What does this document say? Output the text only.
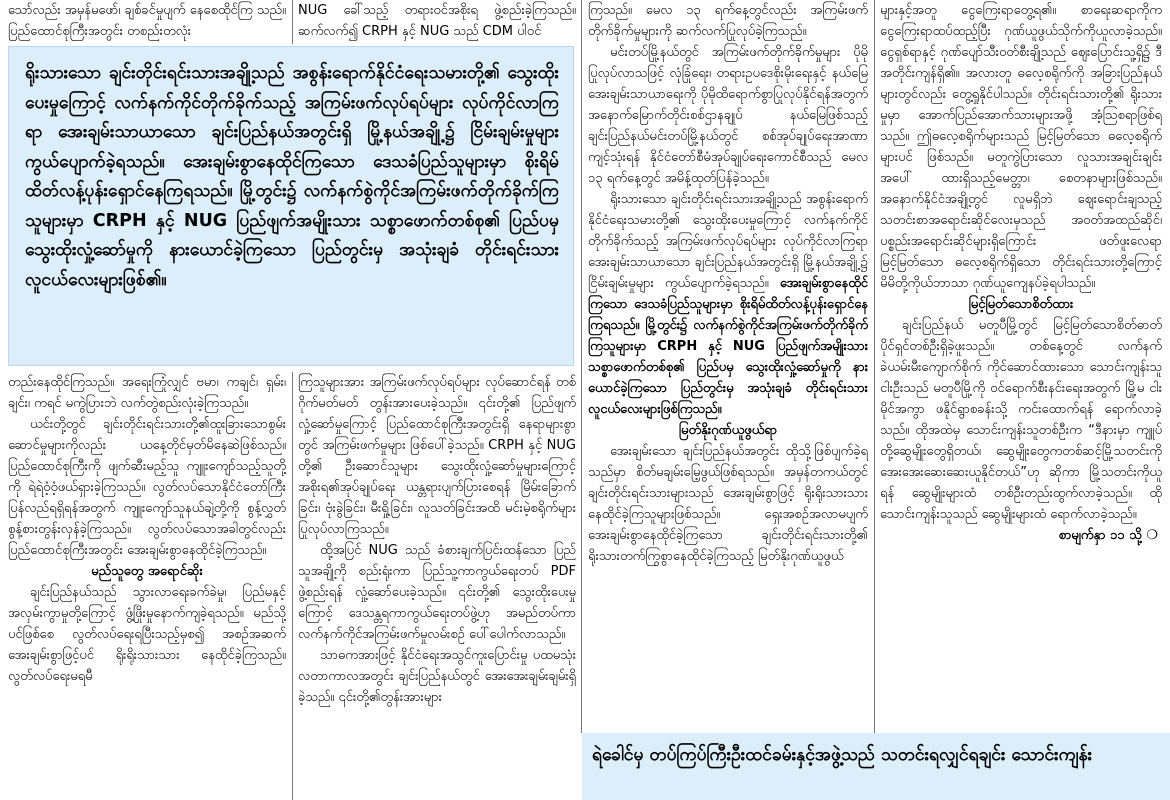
သော်လည်း အမှန်မဖော်၊ ချစ်ခင်မှုပျက် နေစေထိုင်ကြ သည်။ ပြည်ထောင်စုကြီးအတွင်း တစည်းတလုံး

NUG ခေါ်သည့် တရားဝင်အစိုးရ ဖွဲ့စည်းခဲ့ကြသည်။ ဆက်လက်၍ CRPH နှင့် NUG သည် CDM ပါဝင်

ရိုးသားသော ချင်းတိုင်းရင်းသားအချို့သည် အစွန်းရောက်နိုင်ငံရေးသမားတို့၏ သွေးထိုးပေးမှုကြောင့် လက်နက်ကိုင်တိုက်ခိုက်သည့် အကြမ်းဖက်လုပ်ရပ်များ လုပ်ကိုင်လာကြရာ အေးချမ်းသာယာသော ချင်းပြည်နယ်အတွင်းရှိ မြို့နယ်အချို့၌ ငြိမ်းချမ်းမှုများ ကွယ်ပျောက်ခဲ့ရသည်။ အေးချမ်းစွာနေထိုင်ကြသော ဒေသခံပြည်သူများမှာ စိုးရိမ်ထိတ်လန့်ပုန်းရှောင်နေကြရသည်။ မြို့တွင်း၌ လက်နက်စွဲကိုင်အကြမ်းဖက်တိုက်ခိုက်ကြသူများမှာ CRPH နှင့် NUG ပြည်ဖျက်အမျိုးသား သစ္စာဖောက်တစ်စု၏ ပြည်ပမှ သွေးထိုးလှုံ့ဆော်မှုကို နားယောင်ခဲ့ကြသော ပြည်တွင်းမှ အသုံးချခံ တိုင်းရင်းသားလူငယ်လေးများဖြစ်၏။

တည်းနေထိုင်ကြသည်။ အရေးကြုံလျှင် ဗမာ၊ ကချင်၊ ရှမ်း၊ ချင်း၊ ကရင် မကွဲပြားဘဲ လက်တွဲစည်းလုံးခဲ့ကြသည်။

ယင်းတို့တွင် ချင်းတိုင်းရင်းသားတို့၏ထူးခြားသောစွမ်းဆောင်မှုများကိုလည်း ယနေ့တိုင်မှတ်မိနေဆဲဖြစ်သည်။ ပြည်ထောင်စုကြီးကို ဖျက်ဆီးမည့်သူ ကျူးကျော်သည့်သူတို့ကို ရဲရဲဝံ့ဝံ့ဖယ်ရှားခဲ့ကြသည်။ လွတ်လပ်သောနိုင်ငံတော်ကြီး ပြန်လည်ရရှိရန်အတွက် ကျူးကျော်သူနယ်ချဲ့တို့ကို စွန့်လွှတ်စွန့်စားတွန်းလှန်ခဲ့ကြသည်။ လွတ်လပ်သောအခါတွင်လည်း ပြည်ထောင်စုကြီးအတွင်း အေးချမ်းစွာနေထိုင်ခဲ့ကြသည်။

မည်သူတွေ အရောင်ဆိုး

ချင်းပြည်နယ်သည် သွားလာရေးခက်ခဲမှု၊ ပြည်မနှင့်အလှမ်းကွာမှုတို့ကြောင့် ဖွံ့ဖြိုးမှုနောက်ကျခဲ့ရသည်။ မည်သို့ပင်ဖြစ်စေ လွတ်လပ်ရေးရပြီးသည့်မှစ၍ အစဉ်အဆက် အေးချမ်းစွာဖြင့်ပင် ရိုးရိုးသားသား နေထိုင်ခဲ့ကြသည်။ လွတ်လပ်ရေးမရမီ

ကြသူများအား အကြမ်းဖက်လုပ်ရပ်များ လုပ်ဆောင်ရန် တစ်ဂိုက်မတ်မတ် တွန်းအားပေးခဲ့သည်။ ၎င်းတို့၏ ပြည်ဖျက်လှုံ့ဆော်မှုကြောင့် ပြည်ထောင်စုကြီးအတွင်းရှိ နေရာများစွာတွင် အကြမ်းဖက်မှုများ ဖြစ်ပေါ်ခဲ့သည်။ CRPH နှင့် NUG တို့၏ ဦးဆောင်သူများ သွေးထိုးလှုံ့ဆော်မှုများကြောင့် အစိုးရ၏အုပ်ချုပ်ရေး ယန္တရားပျက်ပြားစေရန် မြိမ်းခြောက်ခြင်း၊ ဗုံးခွဲခြင်း၊ မီးရှို့ခြင်း၊ လူသတ်ခြင်းအထိ မင်းမဲ့စရိုက်များ ပြုလုပ်လာကြသည်။

ထို့အပြင် NUG သည် ခံစားချက်ပြင်းထန်သော ပြည်သူအချို့ကို စည်းရုံးကာ ပြည်သူ့ကာကွယ်ရေးတပ် PDF ဖွဲ့စည်းရန် လှုံ့ဆော်ပေးခဲ့သည်။ ၎င်းတို့၏ သွေးထိုးပေးမှုကြောင့် ဒေသန္တရကာကွယ်ရေးတပ်ဖွဲ့ဟု အမည်တပ်ကာ လက်နက်ကိုင်အကြမ်းဖက်မှုလမ်းစဉ် ပေါ်ပေါက်လာသည်။

သာဓကအားဖြင့် နိုင်ငံရေးအသွင်ကူးပြောင်းမှု ပထမသုံးလတာကာလအတွင်း ချင်းပြည်နယ်တွင် အေးအေးချမ်းချမ်းရှိခဲ့သည်။ ၎င်းတို့၏တွန်းအားများ

ကြသည်။ မေလ ၁၃ ရက်နေ့တွင်လည်း အကြမ်းဖက်တိုက်ခိုက်မှုများကို ဆက်လက်ပြုလုပ်ခဲ့ကြသည်။

မင်းတပ်မြို့နယ်တွင် အကြမ်းဖက်တိုက်ခိုက်မှုများ ပိုမိုပြုလုပ်လာသဖြင့် လုံခြုံရေး၊ တရားဥပဒေစိုးမိုးရေးနှင့် နယ်မြေအေးချမ်းသာယာရေးကို ပိုမိုထိရောက်စွာပြုလုပ်နိုင်ရန်အတွက် အနောက်မြောက်တိုင်းစစ်ဌာနချုပ် နယ်မြေဖြစ်သည့် ချင်းပြည်နယ်မင်းတပ်မြို့နယ်တွင် စစ်အုပ်ချုပ်ရေးအာဏာကျင့်သုံးရန် နိုင်ငံတော်စီမံအုပ်ချုပ်ရေးကောင်စီသည် မေလ ၁၃ ရက်နေ့တွင် အမိန့်ထုတ်ပြန်ခဲ့သည်။

ရိုးသားသော ချင်းတိုင်းရင်းသားအချို့သည် အစွန်းရောက်နိုင်ငံရေးသမားတို့၏ သွေးထိုးပေးမှုကြောင့် လက်နက်ကိုင်တိုက်ခိုက်သည့် အကြမ်းဖက်လုပ်ရပ်များ လုပ်ကိုင်လာကြရာ အေးချမ်းသာယာသော ချင်းပြည်နယ်အတွင်းရှိ မြို့နယ်အချို့၌ ငြိမ်းချမ်းမှုများ ကွယ်ပျောက်ခဲ့ရသည်။ အေးချမ်းစွာနေထိုင်ကြသော ဒေသခံပြည်သူများမှာ စိုးရိမ်ထိတ်လန့်ပုန်းရှောင်နေကြရသည်။ မြို့တွင်း၌ လက်နက်စွဲကိုင်အကြမ်းဖက်တိုက်ခိုက်ကြသူများမှာ CRPH နှင့် NUG ပြည်ဖျက်အမျိုးသားသစ္စာဖောက်တစ်စု၏ ပြည်ပမှ သွေးထိုးလှုံ့ဆော်မှုကို နားယောင်ခဲ့ကြသော ပြည်တွင်းမှ အသုံးချခံ တိုင်းရင်းသားလူငယ်လေးများဖြစ်ကြသည်။

မြတ်နိုးဂုဏ်ယူဖွယ်ရာ

အေးချမ်းသော ချင်းပြည်နယ်အတွင်း ထိုသို့ဖြစ်ပျက်ခဲ့ရသည်မှာ စိတ်မချမ်းမြေ့ဖွယ်ဖြစ်ရသည်။ အမှန်တကယ်တွင် ချင်းတိုင်းရင်းသားများသည် အေးချမ်းစွာဖြင့် ရိုးရိုးသားသား နေထိုင်ခဲ့ကြသူများဖြစ်သည်။ ရှေးအစဉ်အလာမပျက် အေးချမ်းစွာနေထိုင်ခဲ့ကြသော ချင်းတိုင်းရင်းသားတို့၏ ရိုးသားတက်ကြွစွာနေထိုင်ခဲ့ကြသည့် မြတ်နိုးဂုဏ်ယူဖွယ်

များနှင့်အတူ ငွေကြေးရာတွေ့ရ၏။ စာရေးဆရာကိုက ငွေကြေးရာထပ်ထည့်ပြီး ဂုဏ်ယူဖွယ်သိုက်ကိုယူလာခဲ့သည်။ ငွေရှစ်ရာနှင့် ဂုဏ်ပျော်သီးဝတ်စီးချို့သည် ဈေးပြောင်းသူ့ရှိ၌ ဒီအတိုင်းကျန်ရှိ၏။ အလားတူ ဓလေ့စရိုက်ကို အခြားပြည်နယ်များတွင်လည်း တွေ့ရှုနိုင်ပါသည်။ တိုင်းရင်းသားတို့၏ ရိုးသားမှုမှာ အောက်ပြည်အောက်သားများအဖို့ အံ့ဩစရာဖြစ်ရသည်။ ဤဓလေ့စရိုက်များသည် မြင့်မြတ်သော ဓလေ့စရိုက်များပင် ဖြစ်သည်။ မတူကွဲပြားသော လူသားအချင်းချင်းအပေါ် ထားရှိသည့်မေတ္တာ၊ စေတနာများဖြစ်သည်။ အနောက်နိုင်ငံအချို့တွင် လူမရှိဘဲ ဈေးရောင်းချသည့် သတင်းစာအရောင်းဆိုင်လေးမှသည် အဝတ်အထည်ဆိုင်၊ ပစ္စည်းအရောင်းဆိုင်များရှိကြောင်း ဖတ်ဖူးလေရာ မြင့်မြတ်သော ဓလေ့စရိုက်ရှိသော တိုင်းရင်းသားတို့ကြောင့် မိမိတို့ကိုယ်ဘာသာ ဂုဏ်ယူကျေနပ်ခဲ့ရပါသည်။

မြင့်မြတ်သောစိတ်ထား

ချင်းပြည်နယ် မတူပီမြို့တွင် မြင့်မြတ်သောစိတ်ဓာတ်ပိုင်ရှင်တစ်ဦးရှိခဲ့ဖူးသည်။ တစ်နေ့တွင် လက်နက်ခဲယမ်းမီးကျောက်စိုက် ကိုင်ဆောင်ထားသော သောင်းကျန်းသူငါးဦးသည် မတူပီမြို့ကို ဝင်ရောက်စီးနင်းရေးအတွက် မြို့မ ငါးမိုင်အကွာ ဖနိုင်ရွာစခန်းသို့ ကင်းထောက်ရန် ရောက်လာခဲ့သည်။ ထိုအထဲမှ သောင်းကျန်းသူတစ်ဦးက “ဒီနားမှာ ကျူပ်တို့ဆွေမျိုးတွေရှိတယ်၊ ဆွေမျိုးတွေကတစ်ဆင့်မြို့သတင်းကို အေးအေးဆေးဆေးယူနိုင်တယ်”ဟု ဆိုကာ မြို့သတင်းကိုယူရန် ဆွေမျိုးများထံ တစ်ဦးတည်းထွက်လာခဲ့သည်။ ထိုသောင်းကျန်းသူသည် ဆွေမျိုးများထံ ရောက်လာခဲ့သည်။

စာမျက်နှာ ၁၁ သို့ ❍

ရဲခေါင်မှ တပ်ကြပ်ကြီးဦးထင်ခမ်းနှင့်အဖွဲ့သည် သတင်းရလျှင်ရချင်း သောင်းကျန်း
